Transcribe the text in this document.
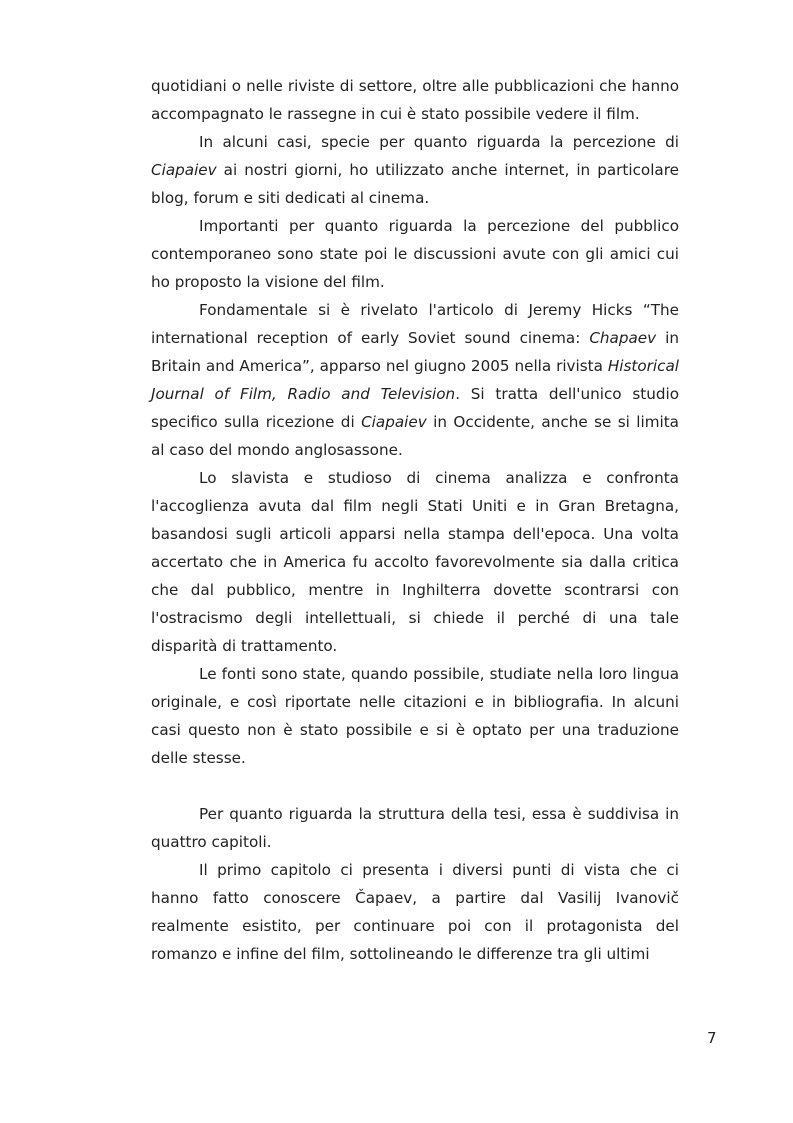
quotidiani o nelle riviste di settore, oltre alle pubblicazioni che hanno accompagnato le rassegne in cui è stato possibile vedere il film.

In alcuni casi, specie per quanto riguarda la percezione di Ciapaiev ai nostri giorni, ho utilizzato anche internet, in particolare blog, forum e siti dedicati al cinema.

Importanti per quanto riguarda la percezione del pubblico contemporaneo sono state poi le discussioni avute con gli amici cui ho proposto la visione del film.

Fondamentale si è rivelato l'articolo di Jeremy Hicks “The international reception of early Soviet sound cinema: Chapaev in Britain and America”, apparso nel giugno 2005 nella rivista Historical Journal of Film, Radio and Television. Si tratta dell'unico studio specifico sulla ricezione di Ciapaiev in Occidente, anche se si limita al caso del mondo anglosassone.

Lo slavista e studioso di cinema analizza e confronta l'accoglienza avuta dal film negli Stati Uniti e in Gran Bretagna, basandosi sugli articoli apparsi nella stampa dell'epoca. Una volta accertato che in America fu accolto favorevolmente sia dalla critica che dal pubblico, mentre in Inghilterra dovette scontrarsi con l'ostracismo degli intellettuali, si chiede il perché di una tale disparità di trattamento.

Le fonti sono state, quando possibile, studiate nella loro lingua originale, e così riportate nelle citazioni e in bibliografia. In alcuni casi questo non è stato possibile e si è optato per una traduzione delle stesse.

Per quanto riguarda la struttura della tesi, essa è suddivisa in quattro capitoli.

Il primo capitolo ci presenta i diversi punti di vista che ci hanno fatto conoscere Čapaev, a partire dal Vasilij Ivanovič realmente esistito, per continuare poi con il protagonista del romanzo e infine del film, sottolineando le differenze tra gli ultimi

7
